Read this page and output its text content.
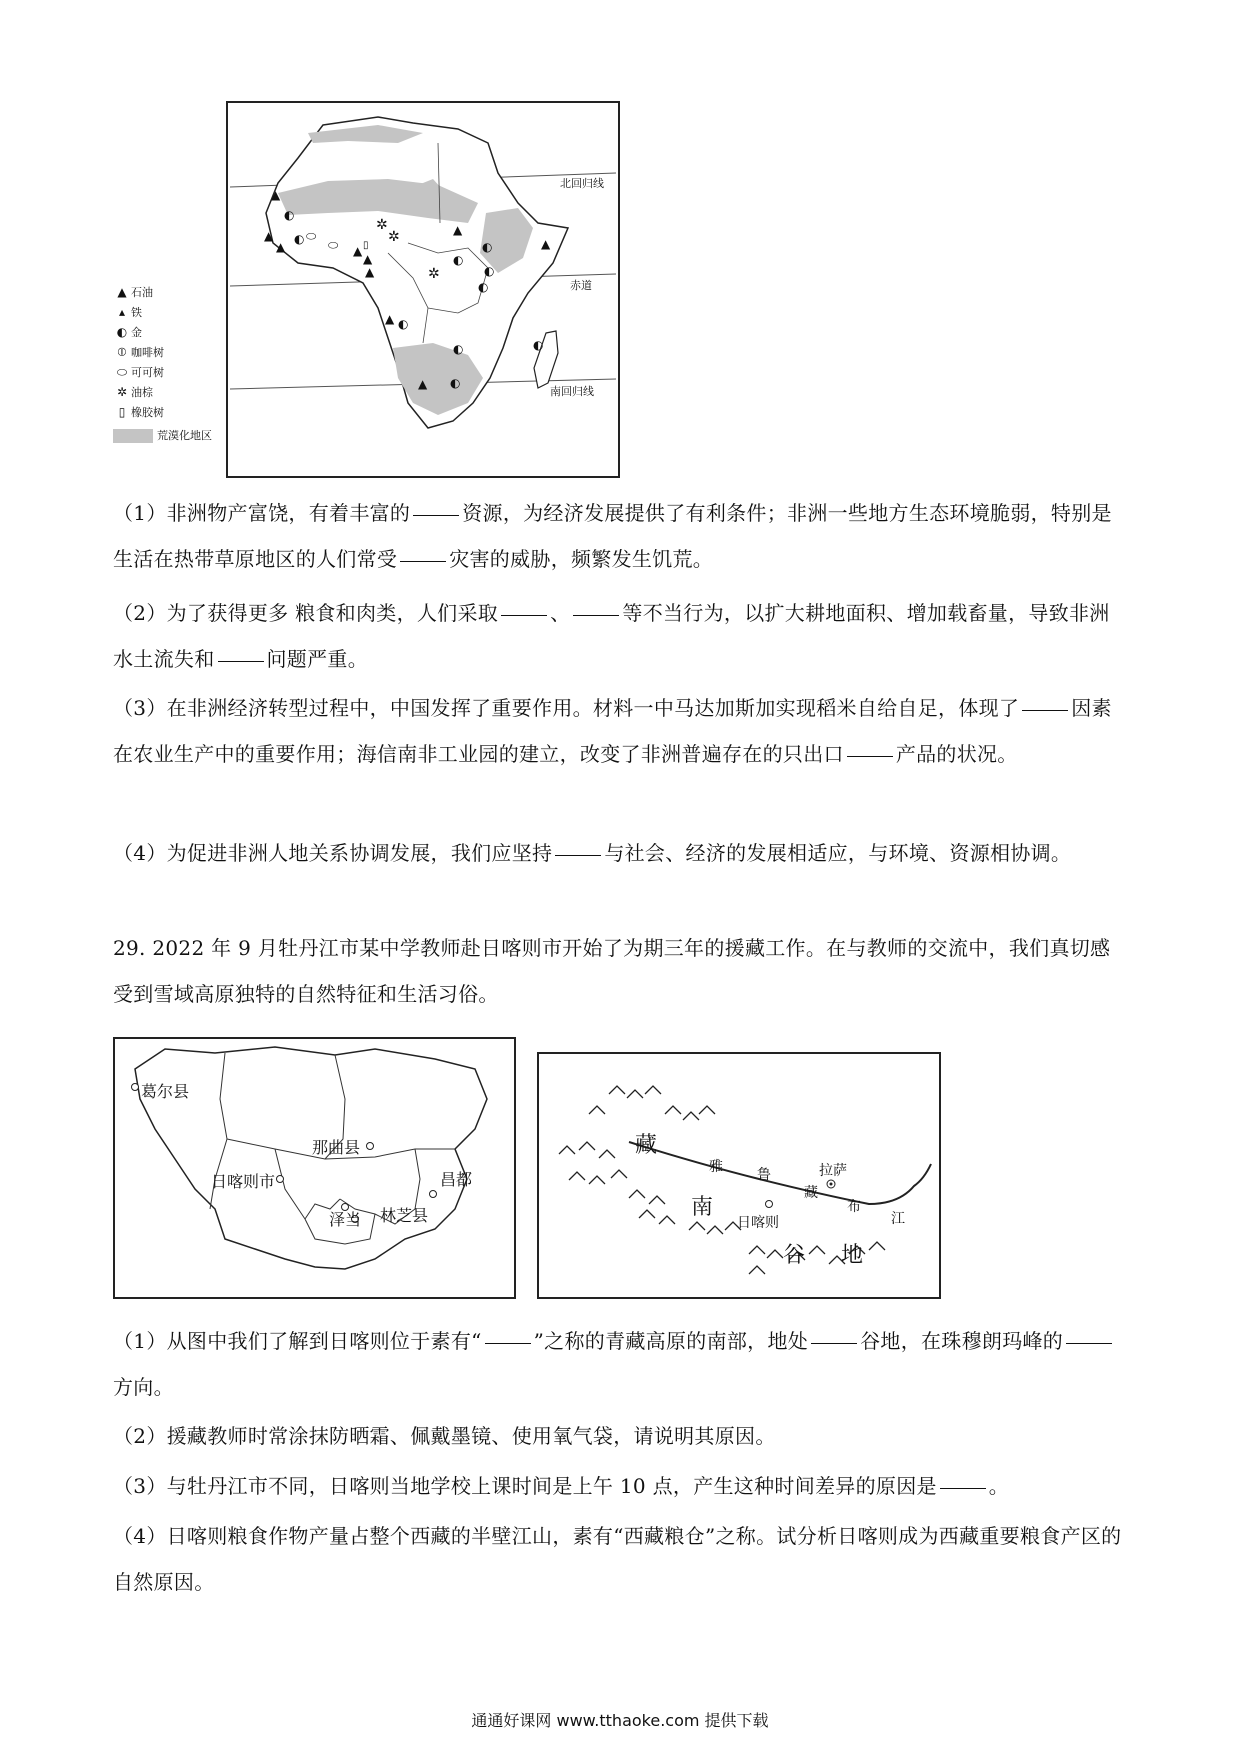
▲
▲
▲	▲
▲
▲
▲
▲
▲
▲
◐
◐
◐
◐
◐
◐
◐
◐
◐
◐
⬭
⬭
✲
✲
✲
▯
北回归线
赤道
南回归线
▲ 石油
▴ 铁
◐ 金
⦶ 咖啡树
⬭ 可可树
✲ 油棕
▯ 橡胶树
荒漠化地区
（1）非洲物产富饶，有着丰富的	资源，为经济发展提供了有利条件；非洲一些地方生态环境脆弱，特别是生活在热带草原地区的人们常受	灾害的威胁，频繁发生饥荒。
（2）为了获得更多 粮食和肉类，人们采取	、	等不当行为，以扩大耕地面积、增加载畜量，导致非洲水土流失和	问题严重。
（3）在非洲经济转型过程中，中国发挥了重要作用。材料一中马达加斯加实现稻米自给自足，体现了	因素在农业生产中的重要作用；海信南非工业园的建立，改变了非洲普遍存在的只出口	产品的状况。
（4）为促进非洲人地关系协调发展，我们应坚持	与社会、经济的发展相适应，与环境、资源相协调。
29. 2022 年 9 月牡丹江市某中学教师赴日喀则市开始了为期三年的援藏工作。在与教师的交流中，我们真切感受到雪域高原独特的自然特征和生活习俗。
葛尔县
那曲县
日喀则市	昌都
泽当 林芝县
藏
南
谷 地
雅 鲁
藏
布
江
拉萨
日喀则
（1）从图中我们了解到日喀则位于素有“	”之称的青藏高原的南部，地处	谷地，在珠穆朗玛峰的方向。
（2）援藏教师时常涂抹防晒霜、佩戴墨镜、使用氧气袋，请说明其原因。
（3）与牡丹江市不同，日喀则当地学校上课时间是上午 10 点，产生这种时间差异的原因是	。
（4）日喀则粮食作物产量占整个西藏的半壁江山，素有“西藏粮仓”之称。试分析日喀则成为西藏重要粮食产区的自然原因。
通通好课网 www.tthaoke.com 提供下载
